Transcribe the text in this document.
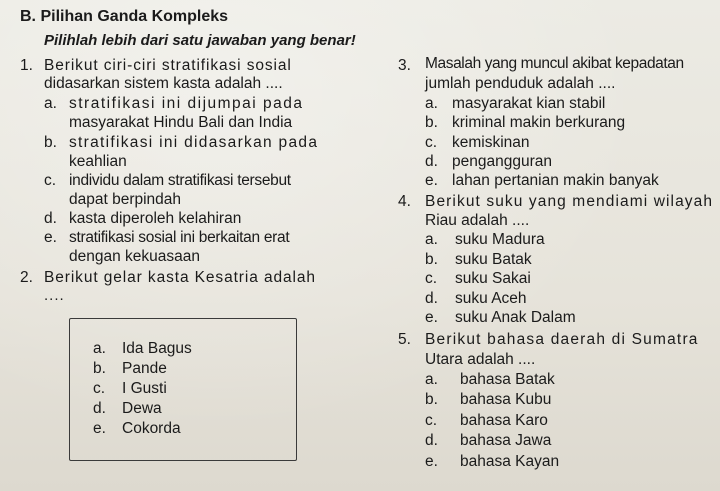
B. Pilihan Ganda Kompleks
Pilihlah lebih dari satu jawaban yang benar!
1. Berikut ciri-ciri stratifikasi sosial
didasarkan sistem kasta adalah ....
a. stratifikasi ini dijumpai pada
masyarakat Hindu Bali dan India
b. stratifikasi ini didasarkan pada
keahlian
c. individu dalam stratifikasi tersebut
dapat berpindah
d. kasta diperoleh kelahiran
e. stratifikasi sosial ini berkaitan erat
dengan kekuasaan
2. Berikut gelar kasta Kesatria adalah
....
a. Ida Bagus
b. Pande
c. I Gusti
d. Dewa
e. Cokorda
3. Masalah yang muncul akibat kepadatan
jumlah penduduk adalah ....
a. masyarakat kian stabil
b. kriminal makin berkurang
c. kemiskinan
d. pengangguran
e. lahan pertanian makin banyak
4. Berikut suku yang mendiami wilayah
Riau adalah ....
a. suku Madura
b. suku Batak
c. suku Sakai
d. suku Aceh
e. suku Anak Dalam
5. Berikut bahasa daerah di Sumatra
Utara adalah ....
a. bahasa Batak
b. bahasa Kubu
c. bahasa Karo
d. bahasa Jawa
e. bahasa Kayan
